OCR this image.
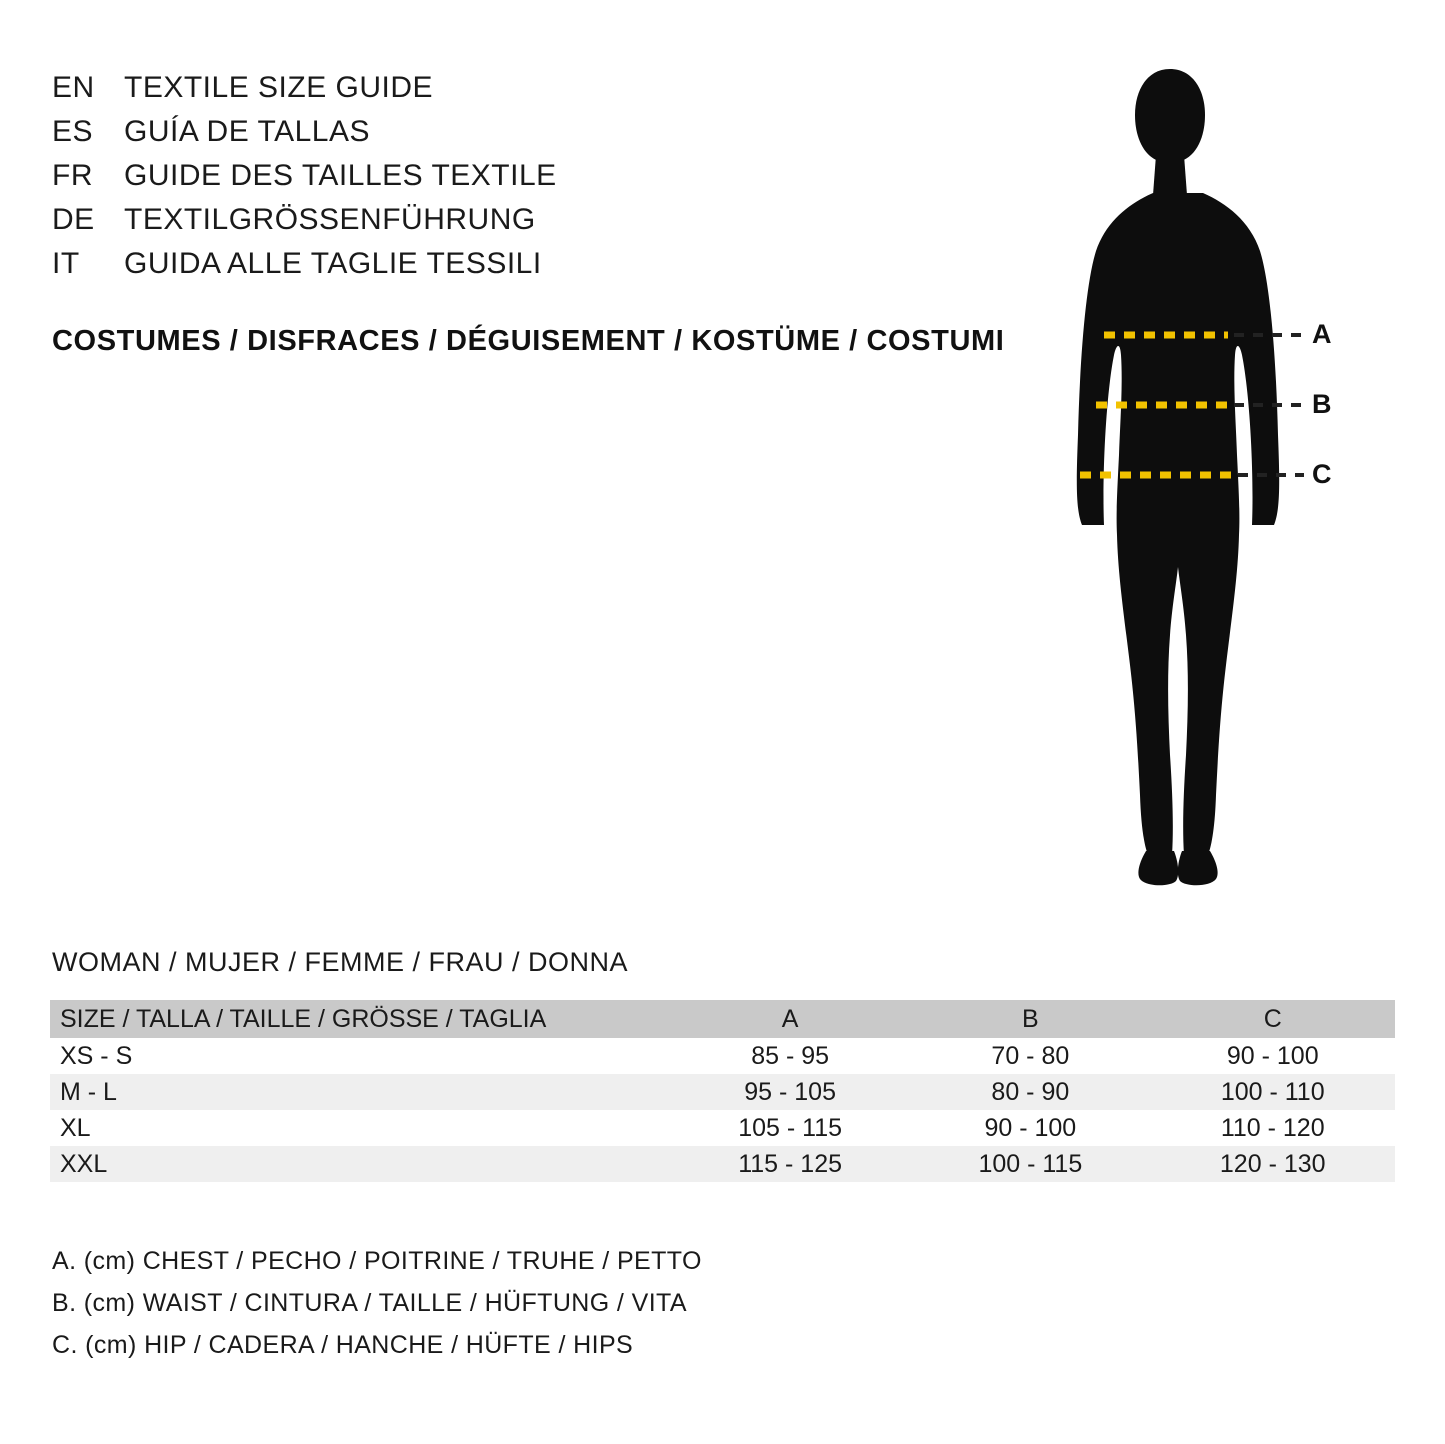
EN TEXTILE SIZE GUIDE
ES	GUÍA DE TALLAS
FR	GUIDE DES TAILLES TEXTILE
DE TEXTILGRÖSSENFÜHRUNG
IT	GUIDA ALLE TAGLIE TESSILI
COSTUMES / DISFRACES / DÉGUISEMENT / KOSTÜME / COSTUMI	A
B
C
WOMAN / MUJER / FEMME / FRAU / DONNA
SIZE / TALLA / TAILLE / GRÖSSE / TAGLIA	A	B	C
XS - S	85 - 95	70 - 80	90 - 100
M - L	95 - 105	80 - 90	100 - 110
XL	105 - 115	90 - 100	110 - 120
XXL	115 - 125	100 - 115	120 - 130
A. (cm) CHEST / PECHO / POITRINE / TRUHE / PETTO
B. (cm) WAIST / CINTURA / TAILLE / HÜFTUNG / VITA
C. (cm) HIP / CADERA / HANCHE / HÜFTE / HIPS
